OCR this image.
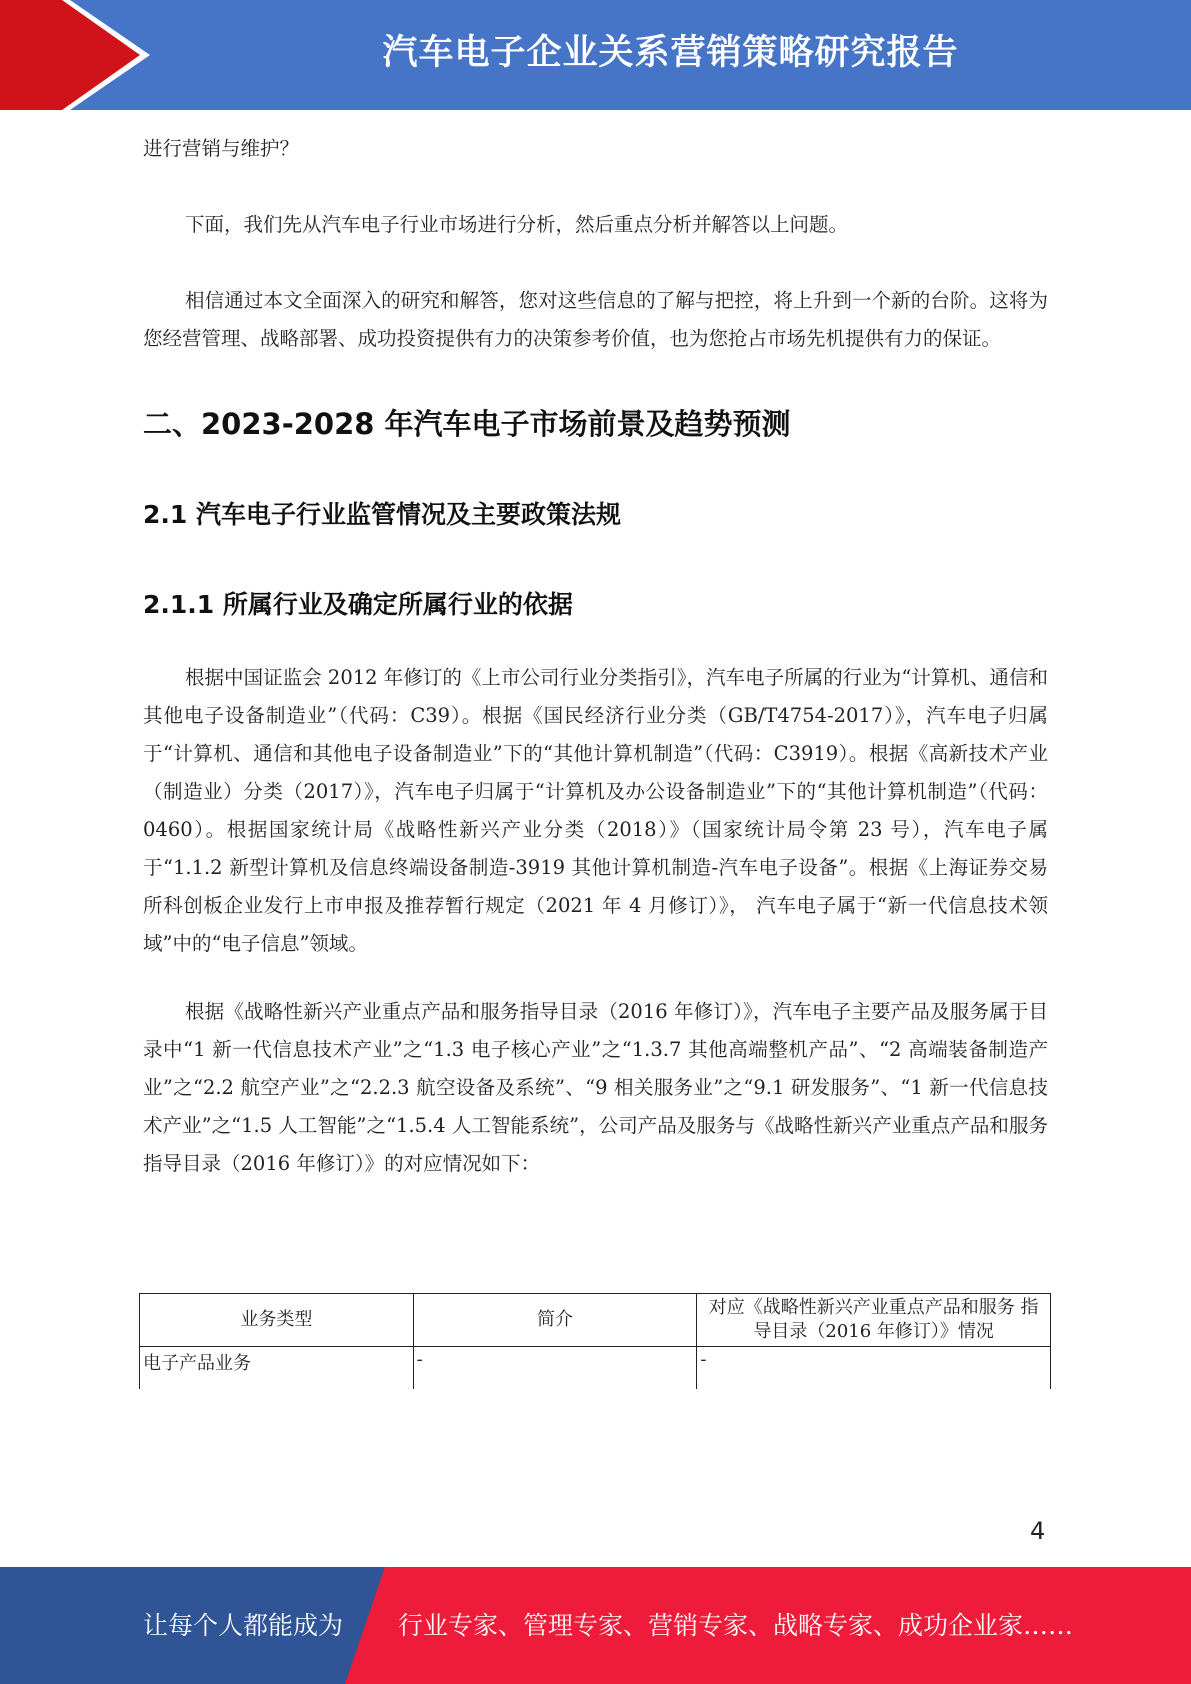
汽车电子企业关系营销策略研究报告

进行营销与维护？

下面，我们先从汽车电子行业市场进行分析，然后重点分析并解答以上问题。

相信通过本文全面深入的研究和解答，您对这些信息的了解与把控，将上升到一个新的台阶。这将为您经营管理、战略部署、成功投资提供有力的决策参考价值，也为您抢占市场先机提供有力的保证。

二、2023-2028 年汽车电子市场前景及趋势预测
2.1 汽车电子行业监管情况及主要政策法规
2.1.1 所属行业及确定所属行业的依据

根据中国证监会 2012 年修订的《上市公司行业分类指引》，汽车电子所属的行业为“计算机、通信和其他电子设备制造业”（代码：C39）。根据《国民经济行业分类（GB/T4754-2017）》，汽车电子归属于“计算机、通信和其他电子设备制造业”下的“其他计算机制造”（代码：C3919）。根据《高新技术产业（制造业）分类（2017）》，汽车电子归属于“计算机及办公设备制造业”下的“其他计算机制造”（代码：0460）。根据国家统计局《战略性新兴产业分类（2018）》（国家统计局令第 23 号），汽车电子属于“1.1.2 新型计算机及信息终端设备制造-3919 其他计算机制造-汽车电子设备”。根据《上海证券交易所科创板企业发行上市申报及推荐暂行规定（2021 年 4 月修订）》， 汽车电子属于“新一代信息技术领域”中的“电子信息”领域。

根据《战略性新兴产业重点产品和服务指导目录（2016 年修订）》，汽车电子主要产品及服务属于目录中“1 新一代信息技术产业”之“1.3 电子核心产业”之“1.3.7 其他高端整机产品”、“2 高端装备制造产业”之“2.2 航空产业”之“2.2.3 航空设备及系统”、“9 相关服务业”之“9.1 研发服务”、“1 新一代信息技术产业”之“1.5 人工智能”之“1.5.4 人工智能系统”，公司产品及服务与《战略性新兴产业重点产品和服务指导目录（2016 年修订）》的对应情况如下：

业务类型	简介	对应《战略性新兴产业重点产品和服务 指导目录（2016 年修订）》情况
电子产品业务	-	-
4
让每个人都能成为 行业专家、管理专家、营销专家、战略专家、成功企业家……
